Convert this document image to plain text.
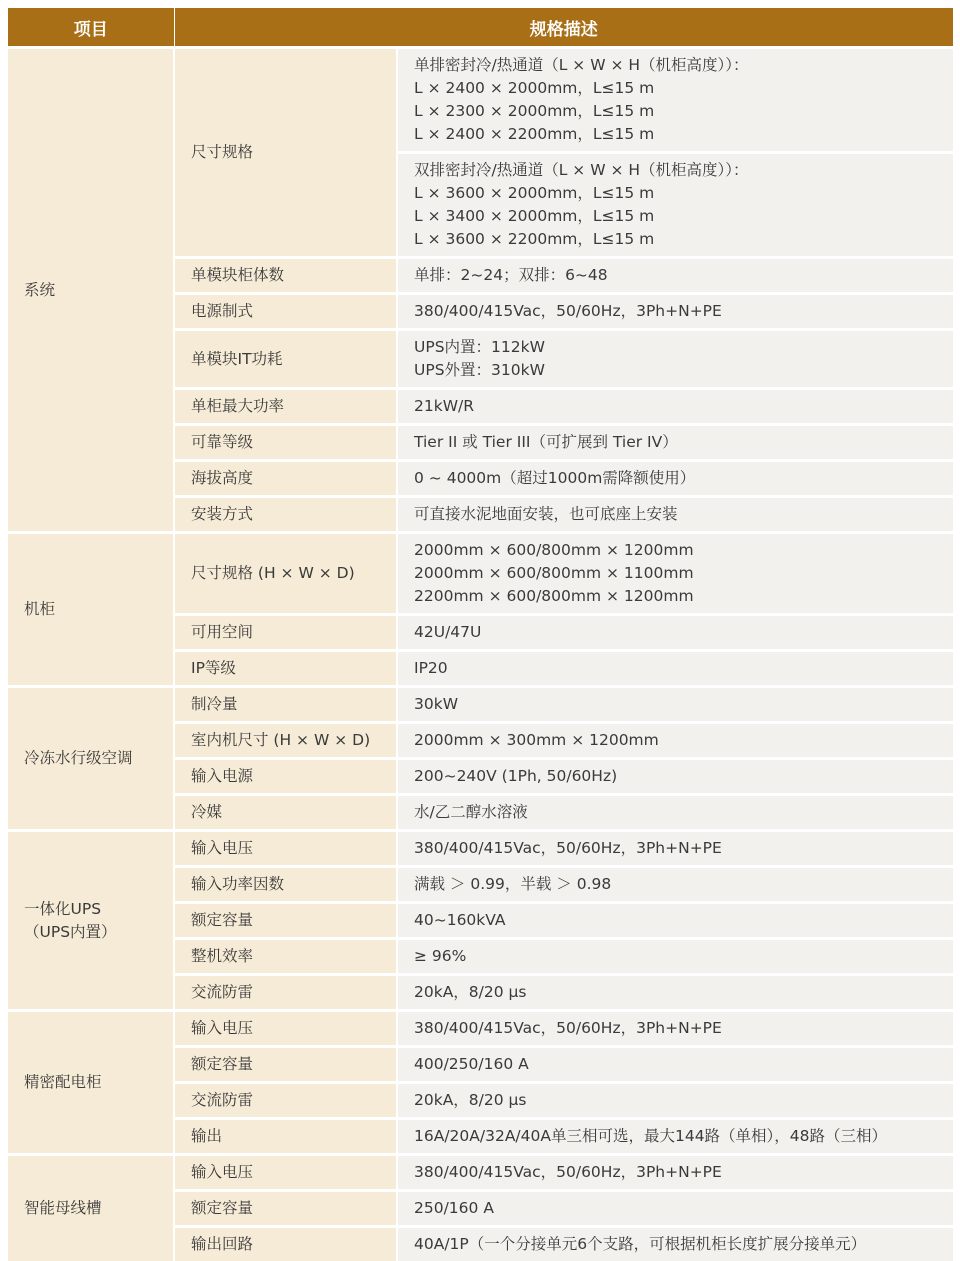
项目	规格描述	

系统	尺寸规格	单排密封冷/热通道（L × W × H（机柜高度））：
L × 2400 × 2000mm，L≤15 m
L × 2300 × 2000mm，L≤15 m
L × 2400 × 2200mm，L≤15 m

		双排密封冷/热通道（L × W × H（机柜高度））：
L × 3600 × 2000mm，L≤15 m
L × 3400 × 2000mm，L≤15 m
L × 3600 × 2200mm，L≤15 m

	单模块柜体数	单排：2~24；双排：6~48

	电源制式	380/400/415Vac，50/60Hz，3Ph+N+PE

	单模块IT功耗	UPS内置：112kW
UPS外置：310kW

	单柜最大功率	21kW/R

	可靠等级	Tier II 或 Tier III（可扩展到 Tier IV）

	海拔高度	0 ~ 4000m（超过1000m需降额使用）

	安装方式	可直接水泥地面安装，也可底座上安装

机柜	尺寸规格 (H × W × D)	2000mm × 600/800mm × 1200mm
2000mm × 600/800mm × 1100mm
2200mm × 600/800mm × 1200mm

	可用空间	42U/47U

	IP等级	IP20

冷冻水行级空调	制冷量	30kW

	室内机尺寸 (H × W × D)	2000mm × 300mm × 1200mm

	输入电源	200~240V (1Ph, 50/60Hz)

	冷媒	水/乙二醇水溶液

一体化UPS
（UPS内置）	输入电压	380/400/415Vac，50/60Hz，3Ph+N+PE

	输入功率因数	满载 ＞ 0.99，半载 ＞ 0.98

	额定容量	40~160kVA

	整机效率	≥ 96%

	交流防雷	20kA，8/20 μs

精密配电柜	输入电压	380/400/415Vac，50/60Hz，3Ph+N+PE

	额定容量	400/250/160 A

	交流防雷	20kA，8/20 μs

	输出	16A/20A/32A/40A单三相可选，最大144路（单相），48路（三相）

智能母线槽	输入电压	380/400/415Vac，50/60Hz，3Ph+N+PE

	额定容量	250/160 A

	输出回路	40A/1P（一个分接单元6个支路，可根据机柜长度扩展分接单元）
